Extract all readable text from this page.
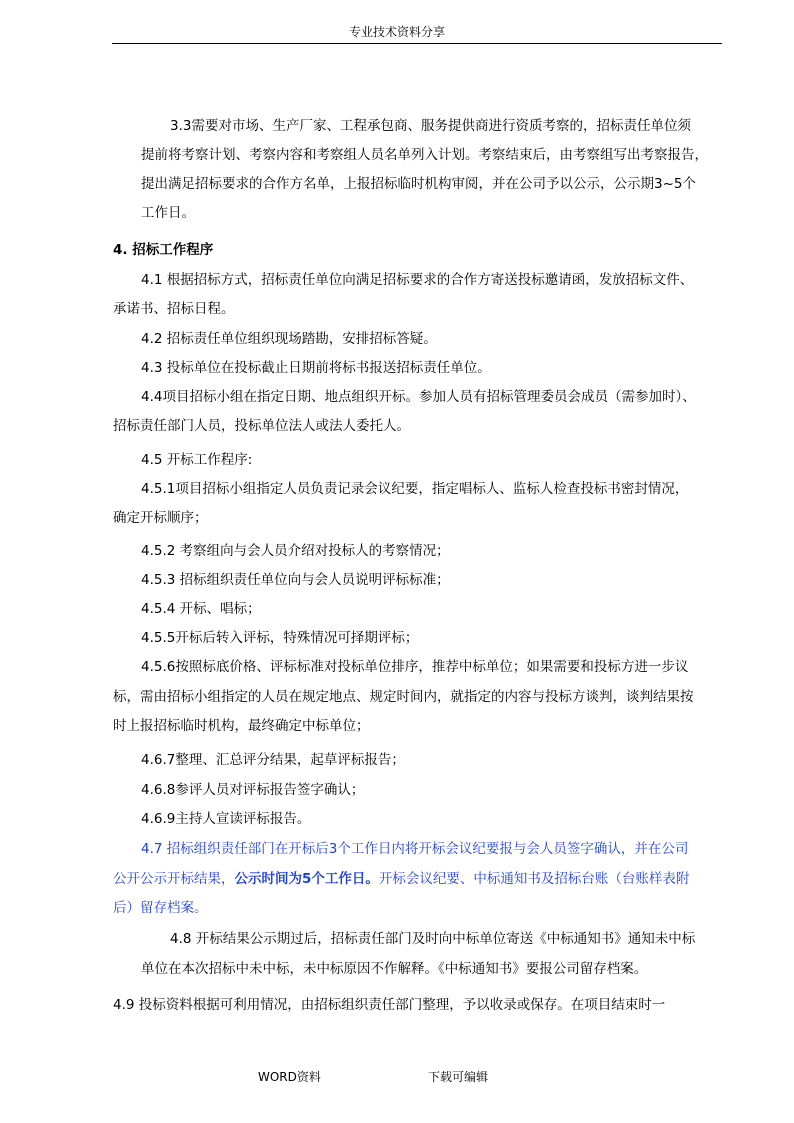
专业技术资料分享
3.3需要对市场、生产厂家、工程承包商、服务提供商进行资质考察的，招标责任单位须
提前将考察计划、考察内容和考察组人员名单列入计划。考察结束后，由考察组写出考察报告，
提出满足招标要求的合作方名单，上报招标临时机构审阅，并在公司予以公示，公示期3~5个
工作日。
4. 招标工作程序
4.1 根据招标方式，招标责任单位向满足招标要求的合作方寄送投标邀请函，发放招标文件、
承诺书、招标日程。
4.2 招标责任单位组织现场踏勘，安排招标答疑。
4.3 投标单位在投标截止日期前将标书报送招标责任单位。
4.4项目招标小组在指定日期、地点组织开标。参加人员有招标管理委员会成员（需参加时）、
招标责任部门人员，投标单位法人或法人委托人。
4.5 开标工作程序:
4.5.1项目招标小组指定人员负责记录会议纪要，指定唱标人、监标人检查投标书密封情况，
确定开标顺序；
4.5.2 考察组向与会人员介绍对投标人的考察情况；
4.5.3 招标组织责任单位向与会人员说明评标标准；
4.5.4 开标、唱标；
4.5.5开标后转入评标，特殊情况可择期评标；
4.5.6按照标底价格、评标标准对投标单位排序，推荐中标单位；如果需要和投标方进一步议
标，需由招标小组指定的人员在规定地点、规定时间内，就指定的内容与投标方谈判，谈判结果按
时上报招标临时机构，最终确定中标单位；
4.6.7整理、汇总评分结果，起草评标报告；
4.6.8参评人员对评标报告签字确认；
4.6.9主持人宣读评标报告。
4.7 招标组织责任部门在开标后3个工作日内将开标会议纪要报与会人员签字确认，并在公司
公开公示开标结果，公示时间为5个工作日。开标会议纪要、中标通知书及招标台账（台账样表附
后）留存档案。
4.8 开标结果公示期过后，招标责任部门及时向中标单位寄送《中标通知书》通知未中标
单位在本次招标中未中标，未中标原因不作解释。《中标通知书》要报公司留存档案。
4.9 投标资料根据可利用情况，由招标组织责任部门整理，予以收录或保存。在项目结束时一
WORD资料	下载可编辑
